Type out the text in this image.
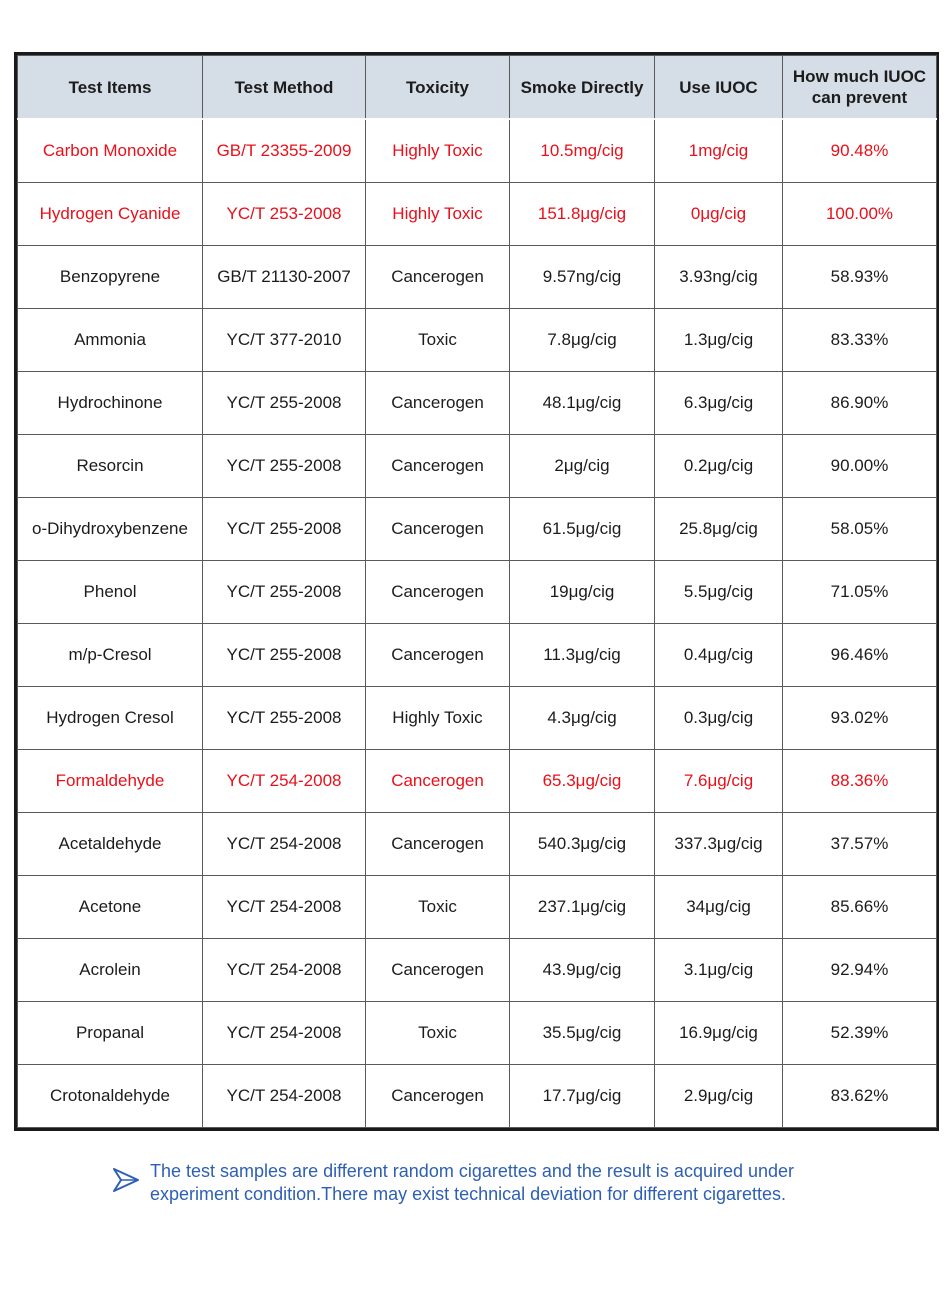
Test Items	Test Method	Toxicity	Smoke Directly	Use IUOC	How much IUOC can prevent
Carbon Monoxide	GB/T 23355-2009	Highly Toxic	10.5mg/cig	1mg/cig	90.48%
Hydrogen Cyanide	YC/T 253-2008	Highly Toxic	151.8μg/cig	0μg/cig	100.00%
Benzopyrene	GB/T 21130-2007	Cancerogen	9.57ng/cig	3.93ng/cig	58.93%
Ammonia	YC/T 377-2010	Toxic	7.8μg/cig	1.3μg/cig	83.33%
Hydrochinone	YC/T 255-2008	Cancerogen	48.1μg/cig	6.3μg/cig	86.90%
Resorcin	YC/T 255-2008	Cancerogen	2μg/cig	0.2μg/cig	90.00%
o-Dihydroxybenzene	YC/T 255-2008	Cancerogen	61.5μg/cig	25.8μg/cig	58.05%
Phenol	YC/T 255-2008	Cancerogen	19μg/cig	5.5μg/cig	71.05%
m/p-Cresol	YC/T 255-2008	Cancerogen	11.3μg/cig	0.4μg/cig	96.46%
Hydrogen Cresol	YC/T 255-2008	Highly Toxic	4.3μg/cig	0.3μg/cig	93.02%
Formaldehyde	YC/T 254-2008	Cancerogen	65.3μg/cig	7.6μg/cig	88.36%
Acetaldehyde	YC/T 254-2008	Cancerogen	540.3μg/cig	337.3μg/cig	37.57%
Acetone	YC/T 254-2008	Toxic	237.1μg/cig	34μg/cig	85.66%
Acrolein	YC/T 254-2008	Cancerogen	43.9μg/cig	3.1μg/cig	92.94%
Propanal	YC/T 254-2008	Toxic	35.5μg/cig	16.9μg/cig	52.39%
Crotonaldehyde	YC/T 254-2008	Cancerogen	17.7μg/cig	2.9μg/cig	83.62%
The test samples are different random cigarettes and the result is acquired under experiment condition.There may exist technical deviation for different cigarettes.
